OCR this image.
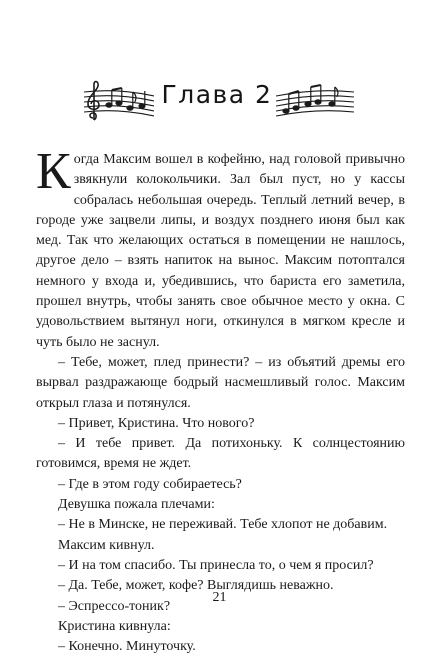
Глава 2

Когда Максим вошел в кофейню, над головой привычно звякнули колокольчики. Зал был пуст, но у кассы собралась небольшая очередь. Теплый летний вечер, в городе уже зацвели липы, и воздух позднего июня был как мед. Так что желающих остаться в помещении не нашлось, другое дело – взять напиток на вынос. Максим потоптался немного у входа и, убедившись, что бариста его заметила, прошел внутрь, чтобы занять свое обычное место у окна. С удовольствием вытянул ноги, откинулся в мягком кресле и чуть было не заснул.

– Тебе, может, плед принести? – из объятий дремы его вырвал раздражающе бодрый насмешливый голос. Максим открыл глаза и потянулся.

– Привет, Кристина. Что нового?

– И тебе привет. Да потихоньку. К солнцестоянию готовимся, время не ждет.

– Где в этом году собираетесь?

Девушка пожала плечами:

– Не в Минске, не переживай. Тебе хлопот не добавим.

Максим кивнул.

– И на том спасибо. Ты принесла то, о чем я просил?

– Да. Тебе, может, кофе? Выглядишь неважно.

– Эспрессо-тоник?

Кристина кивнула:

– Конечно. Минуточку.

21
